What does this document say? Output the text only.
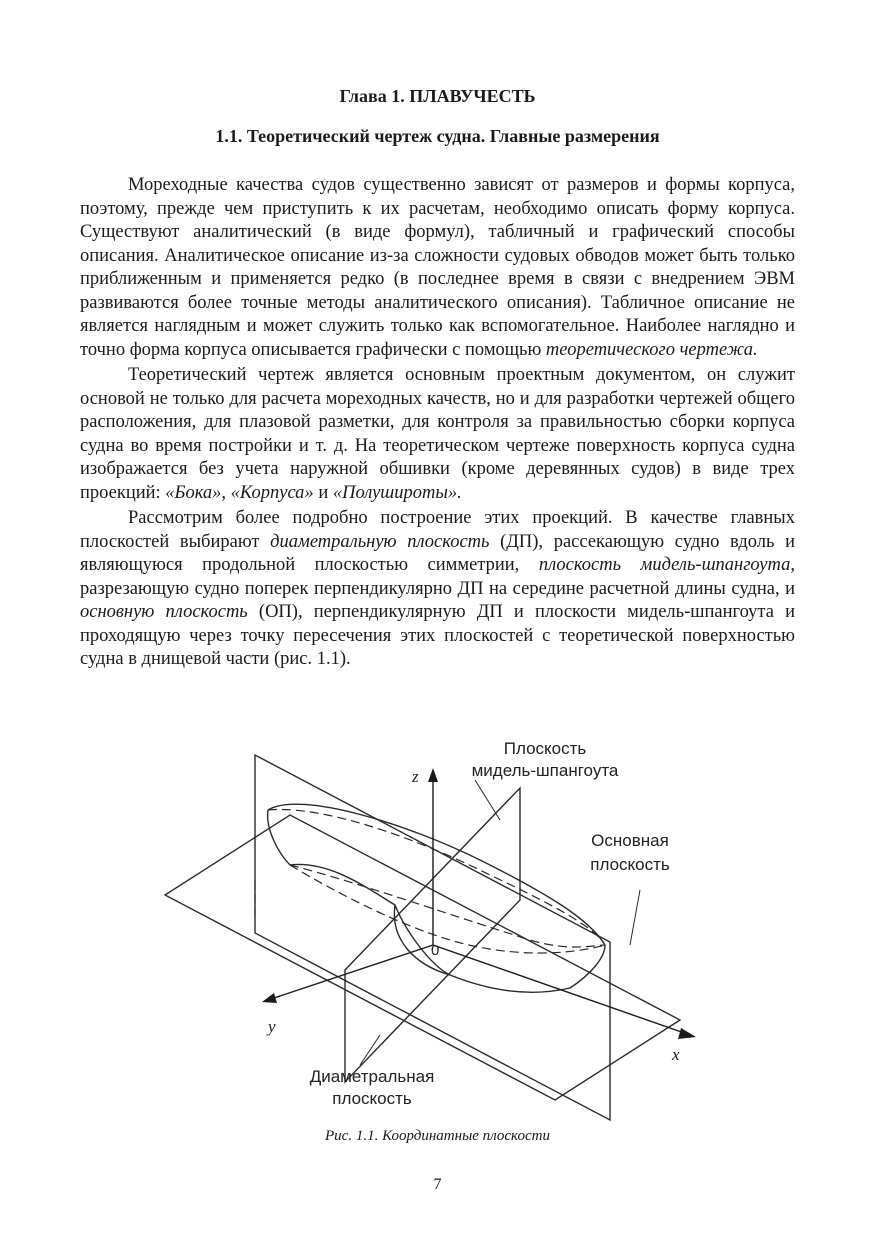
Глава 1. ПЛАВУЧЕСТЬ
1.1. Теоретический чертеж судна. Главные размерения

Мореходные качества судов существенно зависят от размеров и формы корпуса, поэтому, прежде чем приступить к их расчетам, необходимо описать форму корпуса. Существуют аналитический (в виде формул), табличный и графический способы описания. Аналитическое описание из-за сложности судовых обводов может быть только приближенным и применяется редко (в последнее время в связи с внедрением ЭВМ развиваются более точные методы аналитического описания). Табличное описание не является наглядным и может служить только как вспомогательное. Наиболее наглядно и точно форма корпуса описывается графически с помощью теоретического чертежа.

Теоретический чертеж является основным проектным документом, он служит основой не только для расчета мореходных качеств, но и для разработки чертежей общего расположения, для плазовой разметки, для контроля за правильностью сборки корпуса судна во время постройки и т. д. На теоретическом чертеже поверхность корпуса судна изображается без учета наружной обшивки (кроме деревянных судов) в виде трех проекций: «Бока», «Корпуса» и «Полушироты».

Рассмотрим более подробно построение этих проекций. В качестве главных плоскостей выбирают диаметральную плоскость (ДП), рассекающую судно вдоль и являющуюся продольной плоскостью симметрии, плоскость мидель-шпангоута, разрезающую судно поперек перпендикулярно ДП на середине расчетной длины судна, и основную плоскость (ОП), перпендикулярную ДП и плоскости мидель-шпангоута и проходящую через точку пересечения этих плоскостей с теоретической поверхностью судна в днищевой части (рис. 1.1).

Плоскость
мидель-шпангоута
Основная
плоскость
Диаметральная
плоскость
z
y
x
0
Рис. 1.1. Координатные плоскости
7
